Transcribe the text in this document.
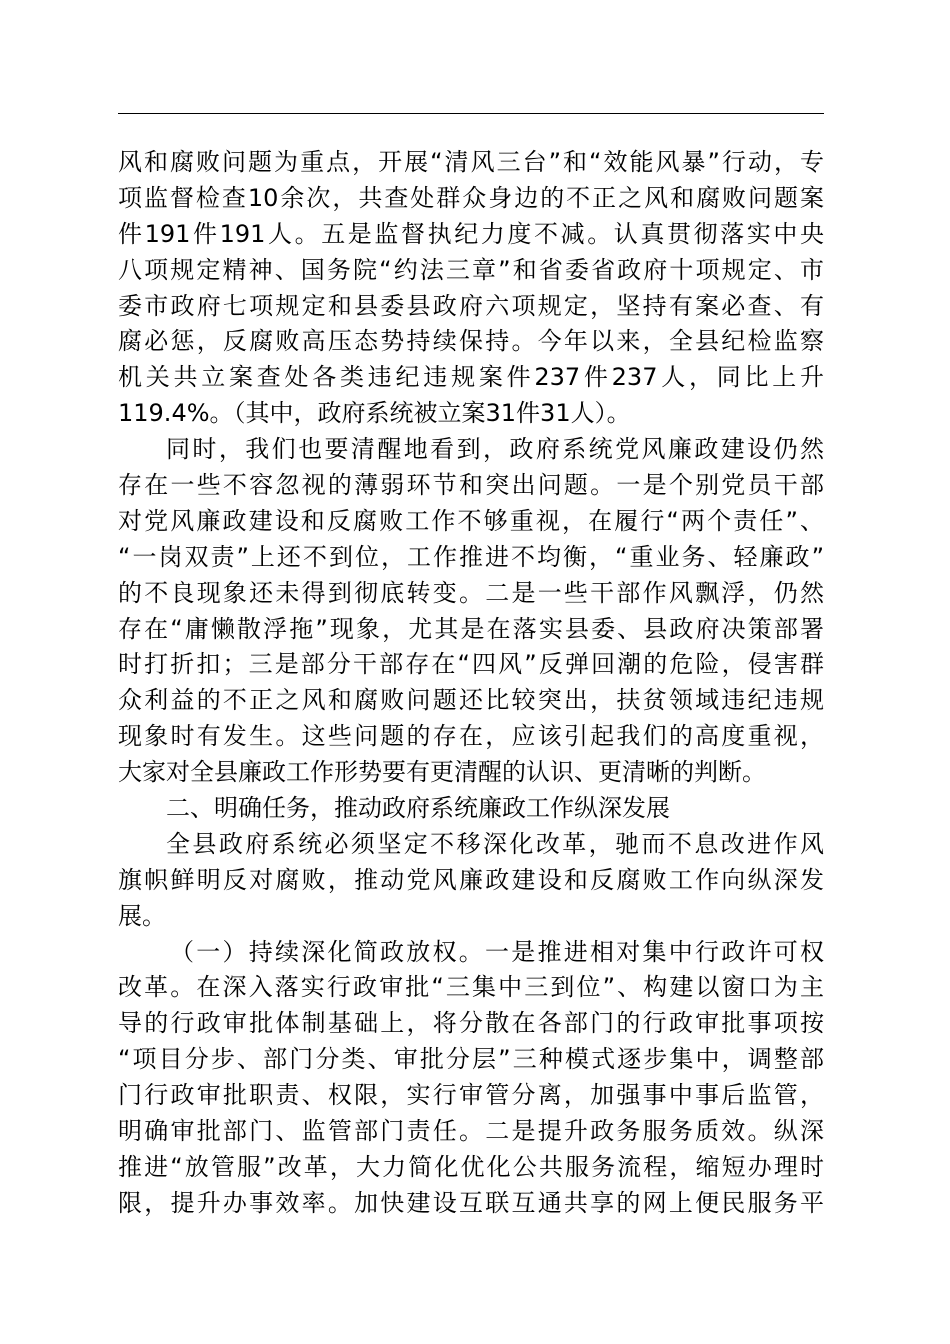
风和腐败问题为重点，开展“清风三台”和“效能风暴”行动，专
项监督检查10余次，共查处群众身边的不正之风和腐败问题案
件191件191人。五是监督执纪力度不减。认真贯彻落实中央
八项规定精神、国务院“约法三章”和省委省政府十项规定、市
委市政府七项规定和县委县政府六项规定，坚持有案必查、有
腐必惩，反腐败高压态势持续保持。今年以来，全县纪检监察
机关共立案查处各类违纪违规案件237件237人，同比上升
119.4%。（其中，政府系统被立案31件31人）。
同时，我们也要清醒地看到，政府系统党风廉政建设仍然
存在一些不容忽视的薄弱环节和突出问题。一是个别党员干部
对党风廉政建设和反腐败工作不够重视，在履行“两个责任”、
“一岗双责”上还不到位，工作推进不均衡，“重业务、轻廉政”
的不良现象还未得到彻底转变。二是一些干部作风飘浮，仍然
存在“庸懒散浮拖”现象，尤其是在落实县委、县政府决策部署
时打折扣；三是部分干部存在“四风”反弹回潮的危险，侵害群
众利益的不正之风和腐败问题还比较突出，扶贫领域违纪违规
现象时有发生。这些问题的存在，应该引起我们的高度重视，
大家对全县廉政工作形势要有更清醒的认识、更清晰的判断。
二、明确任务，推动政府系统廉政工作纵深发展
全县政府系统必须坚定不移深化改革，驰而不息改进作风
旗帜鲜明反对腐败，推动党风廉政建设和反腐败工作向纵深发
展。
（一）持续深化简政放权。一是推进相对集中行政许可权
改革。在深入落实行政审批“三集中三到位”、构建以窗口为主
导的行政审批体制基础上，将分散在各部门的行政审批事项按
“项目分步、部门分类、审批分层”三种模式逐步集中，调整部
门行政审批职责、权限，实行审管分离，加强事中事后监管，
明确审批部门、监管部门责任。二是提升政务服务质效。纵深
推进“放管服”改革，大力简化优化公共服务流程，缩短办理时
限，提升办事效率。加快建设互联互通共享的网上便民服务平
